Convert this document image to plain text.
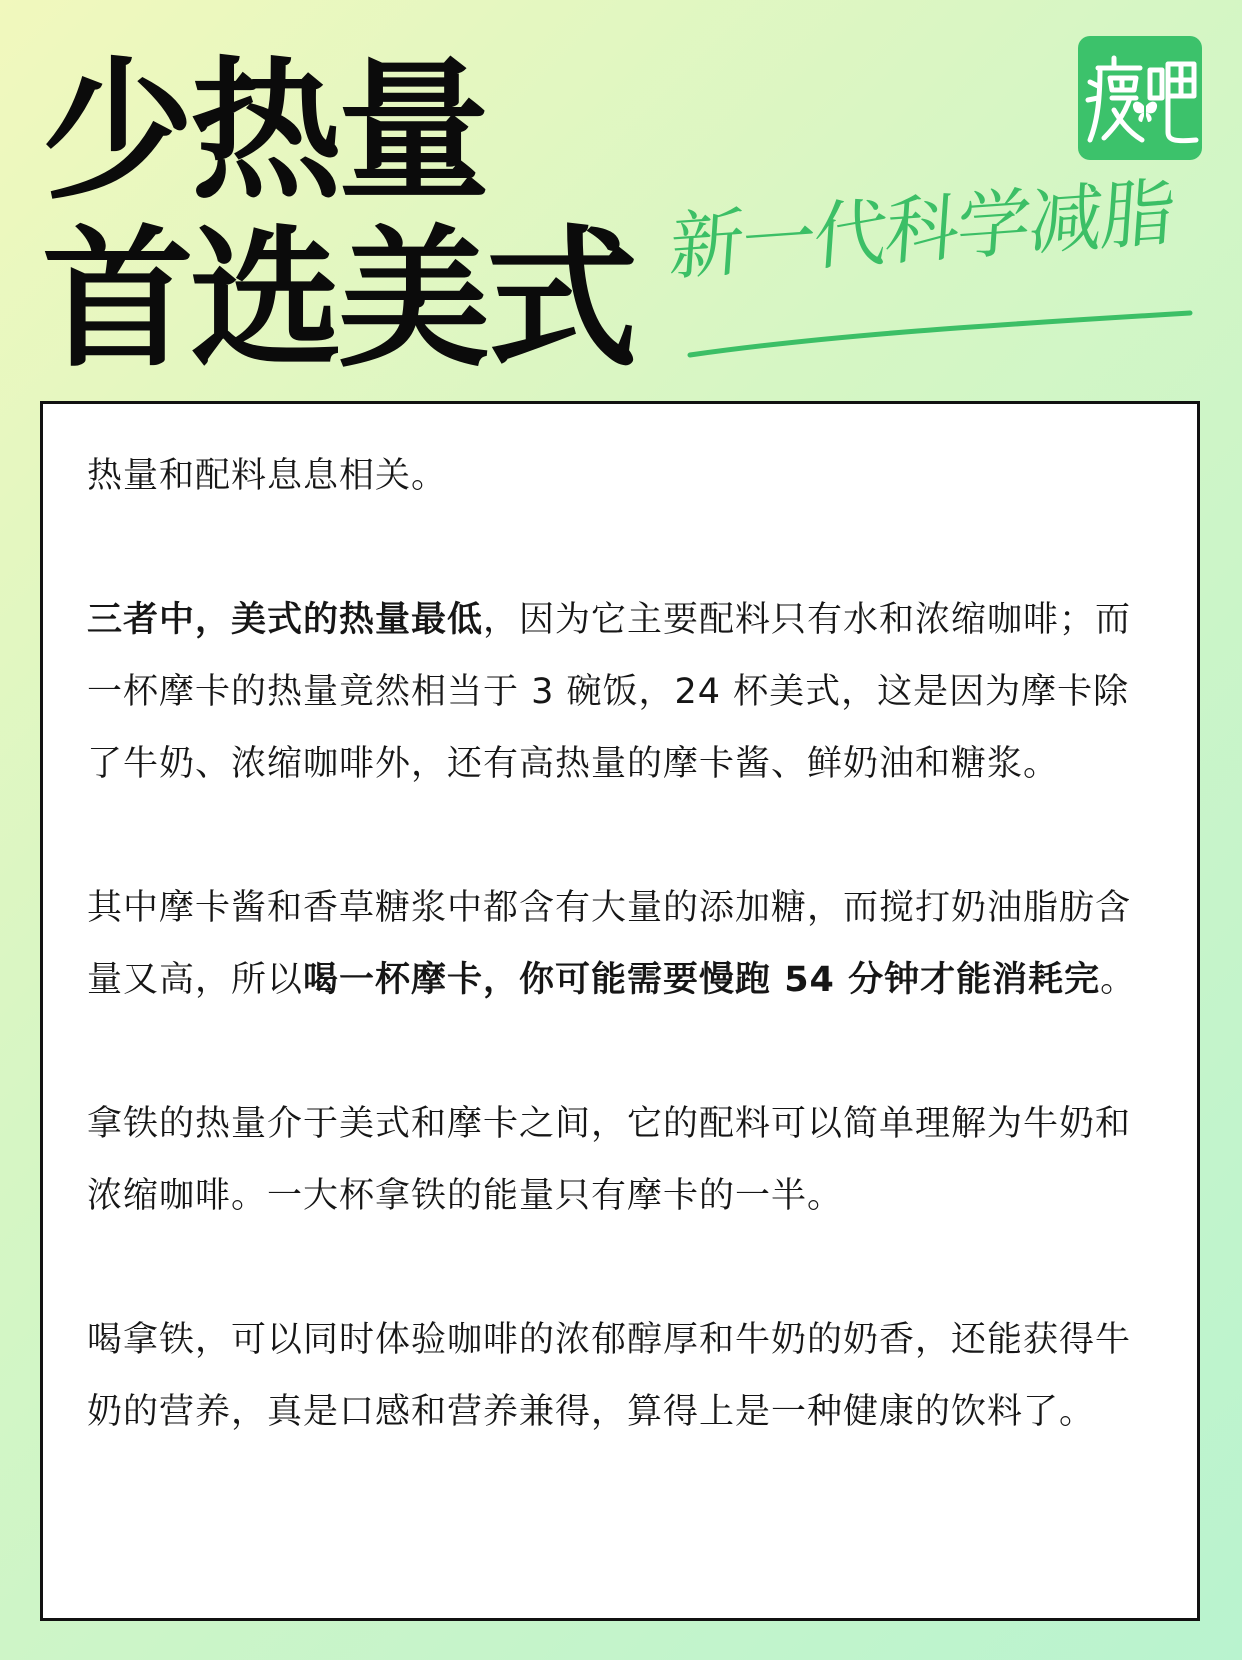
少热量
首选美式 新一代科学减脂

热量和配料息息相关。

三者中，美式的热量最低，因为它主要配料只有水和浓缩咖啡；而一杯摩卡的热量竟然相当于 3 碗饭，24 杯美式，这是因为摩卡除了牛奶、浓缩咖啡外，还有高热量的摩卡酱、鲜奶油和糖浆。

其中摩卡酱和香草糖浆中都含有大量的添加糖，而搅打奶油脂肪含量又高，所以喝一杯摩卡，你可能需要慢跑 54 分钟才能消耗完。

拿铁的热量介于美式和摩卡之间，它的配料可以简单理解为牛奶和浓缩咖啡。一大杯拿铁的能量只有摩卡的一半。

喝拿铁，可以同时体验咖啡的浓郁醇厚和牛奶的奶香，还能获得牛奶的营养，真是口感和营养兼得，算得上是一种健康的饮料了。
